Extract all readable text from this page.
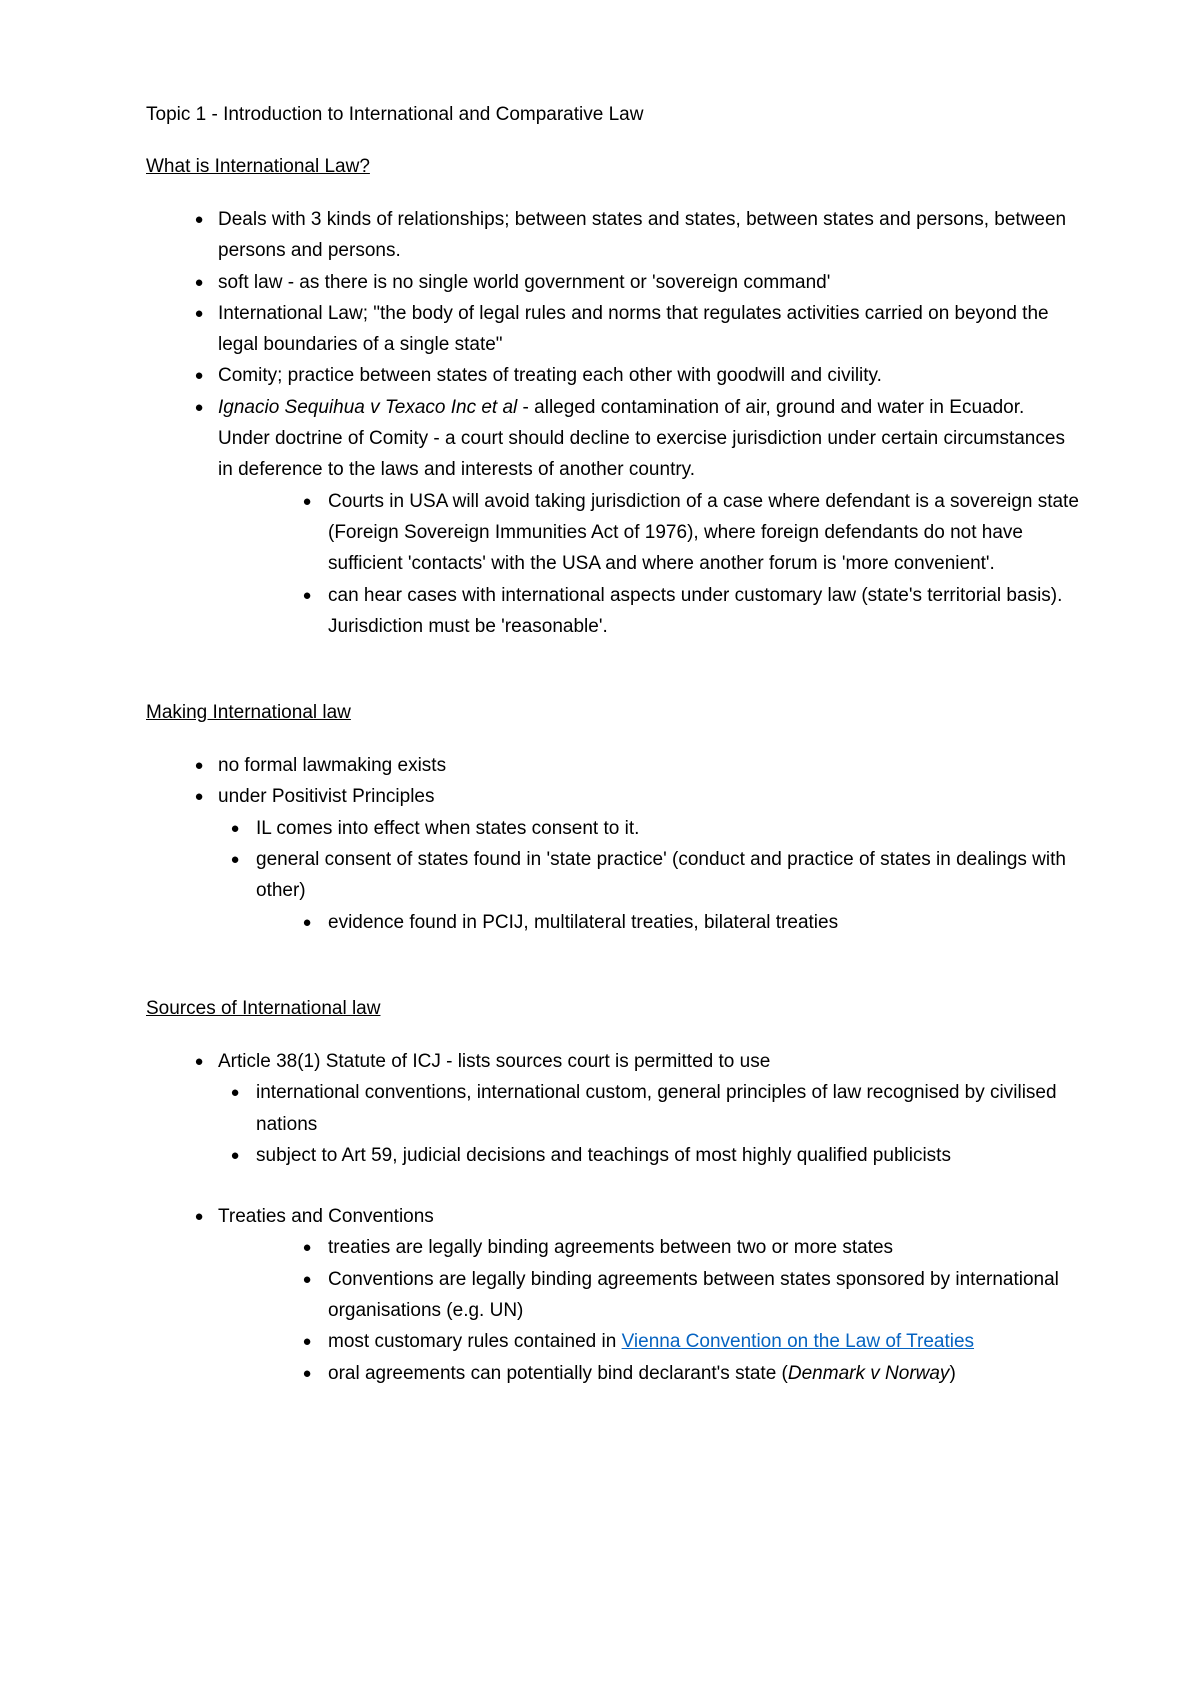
Topic 1 - Introduction to International and Comparative Law
What is International Law?
● Deals with 3 kinds of relationships; between states and states, between states and persons, between persons and persons.
● soft law - as there is no single world government or 'sovereign command'
● International Law; "the body of legal rules and norms that regulates activities carried on beyond the legal boundaries of a single state"
● Comity; practice between states of treating each other with goodwill and civility.
● Ignacio Sequihua v Texaco Inc et al - alleged contamination of air, ground and water in Ecuador. Under doctrine of Comity - a court should decline to exercise jurisdiction under certain circumstances in deference to the laws and interests of another country.
● Courts in USA will avoid taking jurisdiction of a case where defendant is a sovereign state (Foreign Sovereign Immunities Act of 1976), where foreign defendants do not have sufficient 'contacts' with the USA and where another forum is 'more convenient'.
● can hear cases with international aspects under customary law (state's territorial basis). Jurisdiction must be 'reasonable'.
Making International law
● no formal lawmaking exists
● under Positivist Principles
● IL comes into effect when states consent to it.
● general consent of states found in 'state practice' (conduct and practice of states in dealings with other)
● evidence found in PCIJ, multilateral treaties, bilateral treaties
Sources of International law
● Article 38(1) Statute of ICJ - lists sources court is permitted to use
● international conventions, international custom, general principles of law recognised by civilised nations
● subject to Art 59, judicial decisions and teachings of most highly qualified publicists
● Treaties and Conventions
● treaties are legally binding agreements between two or more states
● Conventions are legally binding agreements between states sponsored by international organisations (e.g. UN)
● most customary rules contained in Vienna Convention on the Law of Treaties
● oral agreements can potentially bind declarant's state (Denmark v Norway)
